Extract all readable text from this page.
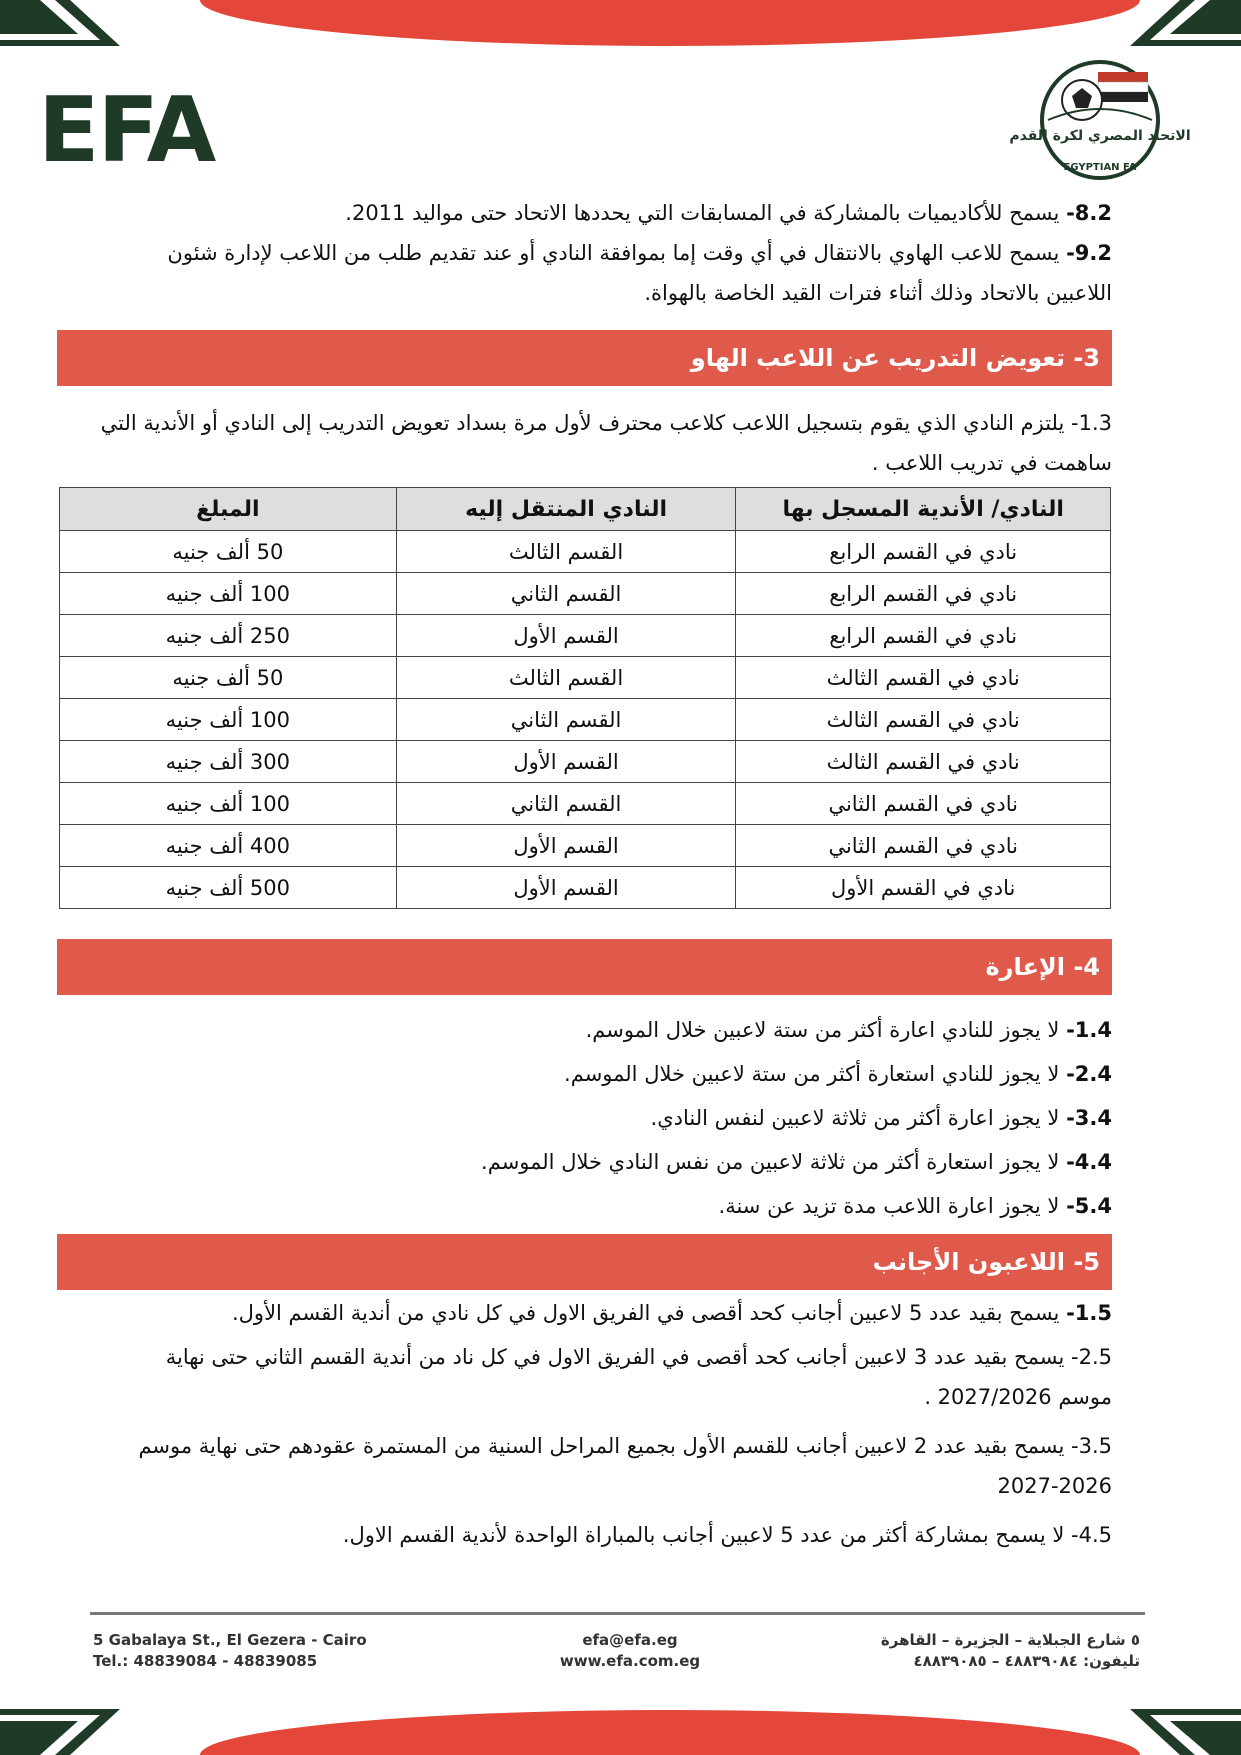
EFA	الاتحاد المصري لكرة القدم
EGYPTIAN FA
8.2- يسمح للأكاديميات بالمشاركة في المسابقات التي يحددها الاتحاد حتى مواليد 2011.
9.2- يسمح للاعب الهاوي بالانتقال في أي وقت إما بموافقة النادي أو عند تقديم طلب من اللاعب لإدارة شئون اللاعبين بالاتحاد وذلك أثناء فترات القيد الخاصة بالهواة.
3- تعويض التدريب عن اللاعب الهاو
1.3- يلتزم النادي الذي يقوم بتسجيل اللاعب كلاعب محترف لأول مرة بسداد تعويض التدريب إلى النادي أو الأندية التي ساهمت في تدريب اللاعب .
النادي/ الأندية المسجل بها	النادي المنتقل إليه	المبلغ
نادي في القسم الرابع	القسم الثالث	50 ألف جنيه
نادي في القسم الرابع	القسم الثاني	100 ألف جنيه
نادي في القسم الرابع	القسم الأول	250 ألف جنيه
نادي في القسم الثالث	القسم الثالث	50 ألف جنيه
نادي في القسم الثالث	القسم الثاني	100 ألف جنيه
نادي في القسم الثالث	القسم الأول	300 ألف جنيه
نادي في القسم الثاني	القسم الثاني	100 ألف جنيه
نادي في القسم الثاني	القسم الأول	400 ألف جنيه
نادي في القسم الأول	القسم الأول	500 ألف جنيه
4- الإعارة
1.4- لا يجوز للنادي اعارة أكثر من ستة لاعبين خلال الموسم.
2.4- لا يجوز للنادي استعارة أكثر من ستة لاعبين خلال الموسم.
3.4- لا يجوز اعارة أكثر من ثلاثة لاعبين لنفس النادي.
4.4- لا يجوز استعارة أكثر من ثلاثة لاعبين من نفس النادي خلال الموسم.
5.4- لا يجوز اعارة اللاعب مدة تزيد عن سنة.
5- اللاعبون الأجانب
1.5- يسمح بقيد عدد 5 لاعبين أجانب كحد أقصى في الفريق الاول في كل نادي من أندية القسم الأول.
2.5- يسمح بقيد عدد 3 لاعبين أجانب كحد أقصى في الفريق الاول في كل ناد من أندية القسم الثاني حتى نهاية موسم 2027/2026 .
3.5- يسمح بقيد عدد 2 لاعبين أجانب للقسم الأول بجميع المراحل السنية من المستمرة عقودهم حتى نهاية موسم 2026-2027
4.5- لا يسمح بمشاركة أكثر من عدد 5 لاعبين أجانب بالمباراة الواحدة لأندية القسم الاول.
5 Gabalaya St., El Gezera - Cairo
Tel.: 48839084 - 48839085
efa@efa.eg
www.efa.com.eg
٥ شارع الجبلاية – الجزيرة – القاهرة
تليفون: ٤٨٨٣٩٠٨٤ – ٤٨٨٣٩٠٨٥
